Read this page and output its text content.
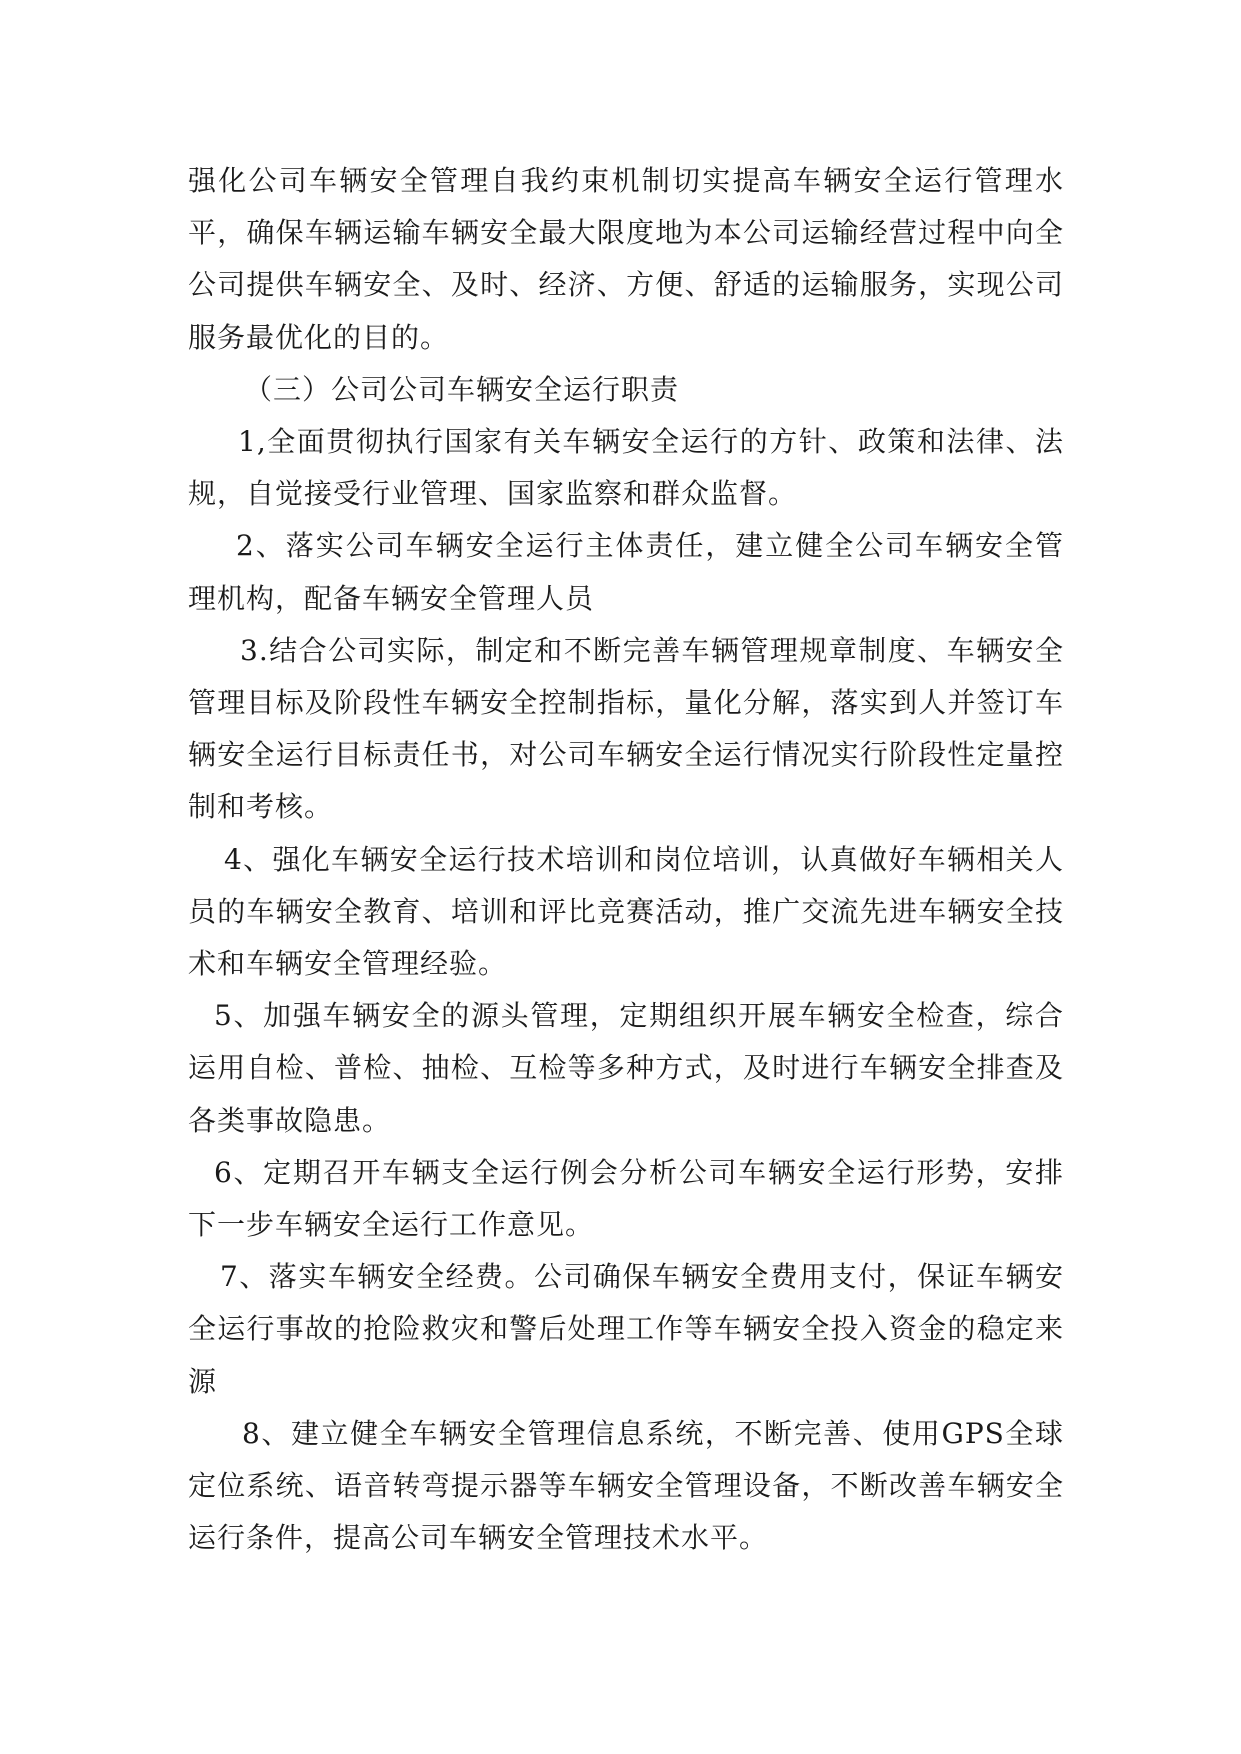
强化公司车辆安全管理自我约束机制切实提高车辆安全运行管理水平，确保车辆运输车辆安全最大限度地为本公司运输经营过程中向全公司提供车辆安全、及时、经济、方便、舒适的运输服务，实现公司服务最优化的目的。

（三）公司公司车辆安全运行职责

1,全面贯彻执行国家有关车辆安全运行的方针、政策和法律、法规，自觉接受行业管理、国家监察和群众监督。

2、落实公司车辆安全运行主体责任，建立健全公司车辆安全管理机构，配备车辆安全管理人员

3.结合公司实际，制定和不断完善车辆管理规章制度、车辆安全管理目标及阶段性车辆安全控制指标，量化分解，落实到人并签订车辆安全运行目标责任书，对公司车辆安全运行情况实行阶段性定量控制和考核。

4、强化车辆安全运行技术培训和岗位培训，认真做好车辆相关人员的车辆安全教育、培训和评比竞赛活动，推广交流先进车辆安全技术和车辆安全管理经验。

5、加强车辆安全的源头管理，定期组织开展车辆安全检查，综合运用自检、普检、抽检、互检等多种方式，及时进行车辆安全排查及各类事故隐患。

6、定期召开车辆支全运行例会分析公司车辆安全运行形势，安排下一步车辆安全运行工作意见。

7、落实车辆安全经费。公司确保车辆安全费用支付，保证车辆安全运行事故的抢险救灾和警后处理工作等车辆安全投入资金的稳定来源

8、建立健全车辆安全管理信息系统，不断完善、使用GPS全球定位系统、语音转弯提示器等车辆安全管理设备，不断改善车辆安全运行条件，提高公司车辆安全管理技术水平。
